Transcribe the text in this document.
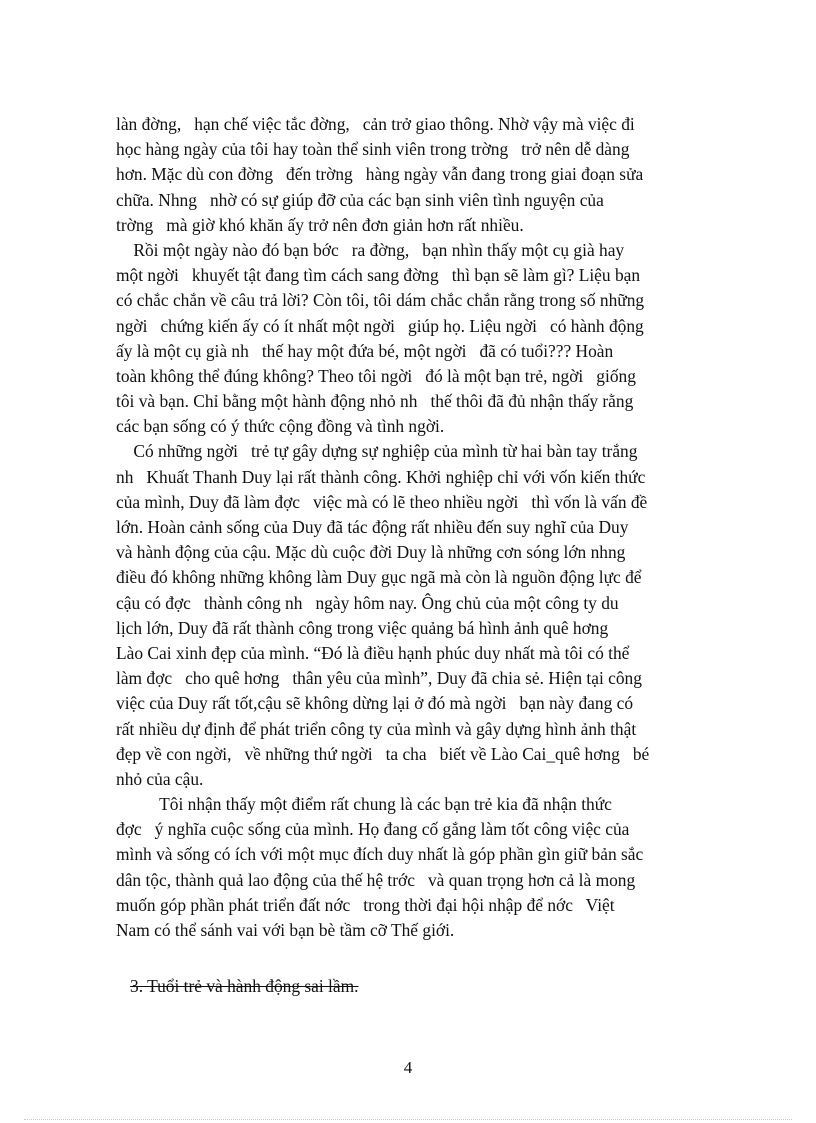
làn đờng,   hạn chế việc tắc đờng,   cản trở giao thông. Nhờ vậy mà việc đi
học hàng ngày của tôi hay toàn thể sinh viên trong trờng   trở nên dễ dàng
hơn. Mặc dù con đờng   đến trờng   hàng ngày vẫn đang trong giai đoạn sửa
chữa. Nhng   nhờ có sự giúp đỡ của các bạn sinh viên tình nguyện của
trờng   mà giờ khó khăn ấy trở nên đơn giản hơn rất nhiều.
Rồi một ngày nào đó bạn bớc   ra đờng,   bạn nhìn thấy một cụ già hay
một ngời   khuyết tật đang tìm cách sang đờng   thì bạn sẽ làm gì? Liệu bạn
có chắc chắn về câu trả lời? Còn tôi, tôi dám chắc chắn rằng trong số những
ngời   chứng kiến ấy có ít nhất một ngời   giúp họ. Liệu ngời   có hành động
ấy là một cụ già nh   thế hay một đứa bé, một ngời   đã có tuổi??? Hoàn
toàn không thể đúng không? Theo tôi ngời   đó là một bạn trẻ, ngời   giống
tôi và bạn. Chỉ bằng một hành động nhỏ nh   thế thôi đã đủ nhận thấy rằng
các bạn sống có ý thức cộng đồng và tình ngời.
Có những ngời   trẻ tự gây dựng sự nghiệp của mình từ hai bàn tay trắng
nh   Khuất Thanh Duy lại rất thành công. Khởi nghiệp chỉ với vốn kiến thức
của mình, Duy đã làm đợc   việc mà có lẽ theo nhiều ngời   thì vốn là vấn đề
lớn. Hoàn cảnh sống của Duy đã tác động rất nhiều đến suy nghĩ của Duy
và hành động của cậu. Mặc dù cuộc đời Duy là những cơn sóng lớn nhng
điều đó không những không làm Duy gục ngã mà còn là nguồn động lực để
cậu có đợc   thành công nh   ngày hôm nay. Ông chủ của một công ty du
lịch lớn, Duy đã rất thành công trong việc quảng bá hình ảnh quê hơng
Lào Cai xinh đẹp của mình. “Đó là điều hạnh phúc duy nhất mà tôi có thể
làm đợc   cho quê hơng   thân yêu của mình”, Duy đã chia sẻ. Hiện tại công
việc của Duy rất tốt,cậu sẽ không dừng lại ở đó mà ngời   bạn này đang có
rất nhiều dự định để phát triển công ty của mình và gây dựng hình ảnh thật
đẹp về con ngời,   về những thứ ngời   ta cha   biết về Lào Cai_quê hơng   bé
nhỏ của cậu.
Tôi nhận thấy một điểm rất chung là các bạn trẻ kia đã nhận thức
đợc   ý nghĩa cuộc sống của mình. Họ đang cố gắng làm tốt công việc của
mình và sống có ích với một mục đích duy nhất là góp phần gìn giữ bản sắc
dân tộc, thành quả lao động của thế hệ trớc   và quan trọng hơn cả là mong
muốn góp phần phát triển đất nớc   trong thời đại hội nhập để nớc   Việt
Nam có thể sánh vai với bạn bè tầm cỡ Thế giới.
3. Tuổi trẻ và hành động sai lầm.
4
